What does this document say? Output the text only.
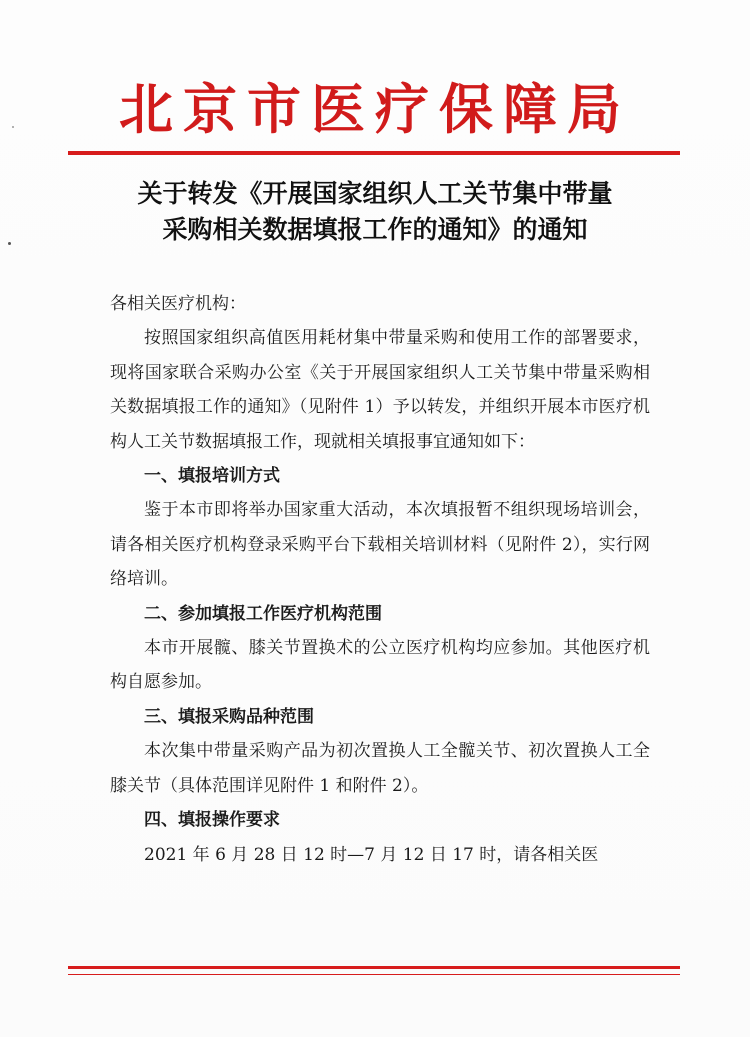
北京市医疗保障局
关于转发《开展国家组织人工关节集中带量
采购相关数据填报工作的通知》的通知

各相关医疗机构：

按照国家组织高值医用耗材集中带量采购和使用工作的部署要求，现将国家联合采购办公室《关于开展国家组织人工关节集中带量采购相关数据填报工作的通知》（见附件 1）予以转发，并组织开展本市医疗机构人工关节数据填报工作，现就相关填报事宜通知如下：

一、填报培训方式

鉴于本市即将举办国家重大活动，本次填报暂不组织现场培训会，请各相关医疗机构登录采购平台下载相关培训材料（见附件 2），实行网络培训。

二、参加填报工作医疗机构范围

本市开展髋、膝关节置换术的公立医疗机构均应参加。其他医疗机构自愿参加。

三、填报采购品种范围

本次集中带量采购产品为初次置换人工全髋关节、初次置换人工全膝关节（具体范围详见附件 1 和附件 2）。

四、填报操作要求

2021 年 6 月 28 日 12 时—7 月 12 日 17 时，请各相关医
